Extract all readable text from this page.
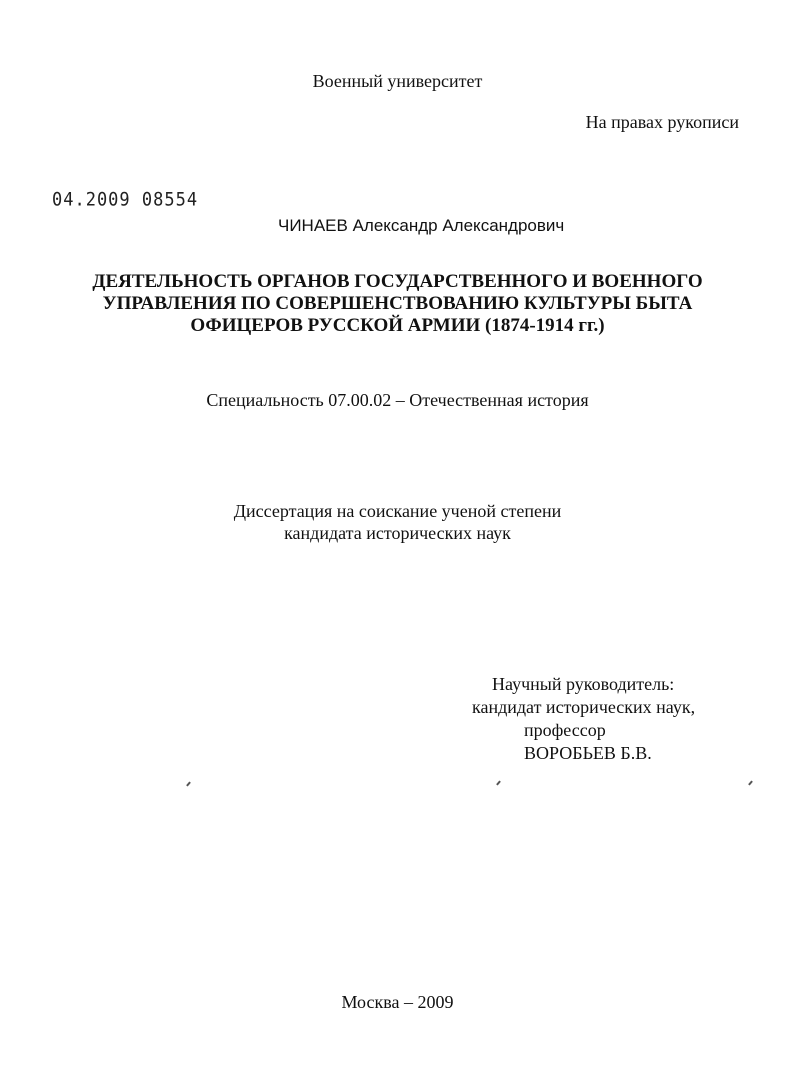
Военный университет
На правах рукописи
04.2009 08554
ЧИНАЕВ Александр Александрович
ДЕЯТЕЛЬНОСТЬ ОРГАНОВ ГОСУДАРСТВЕННОГО И ВОЕННОГО
УПРАВЛЕНИЯ ПО СОВЕРШЕНСТВОВАНИЮ КУЛЬТУРЫ БЫТА
ОФИЦЕРОВ РУССКОЙ АРМИИ (1874-1914 гг.)
Специальность 07.00.02 – Отечественная история
Диссертация на соискание ученой степени
кандидата исторических наук
Научный руководитель:
кандидат исторических наук,
профессор
ВОРОБЬЕВ Б.В.
Москва – 2009
